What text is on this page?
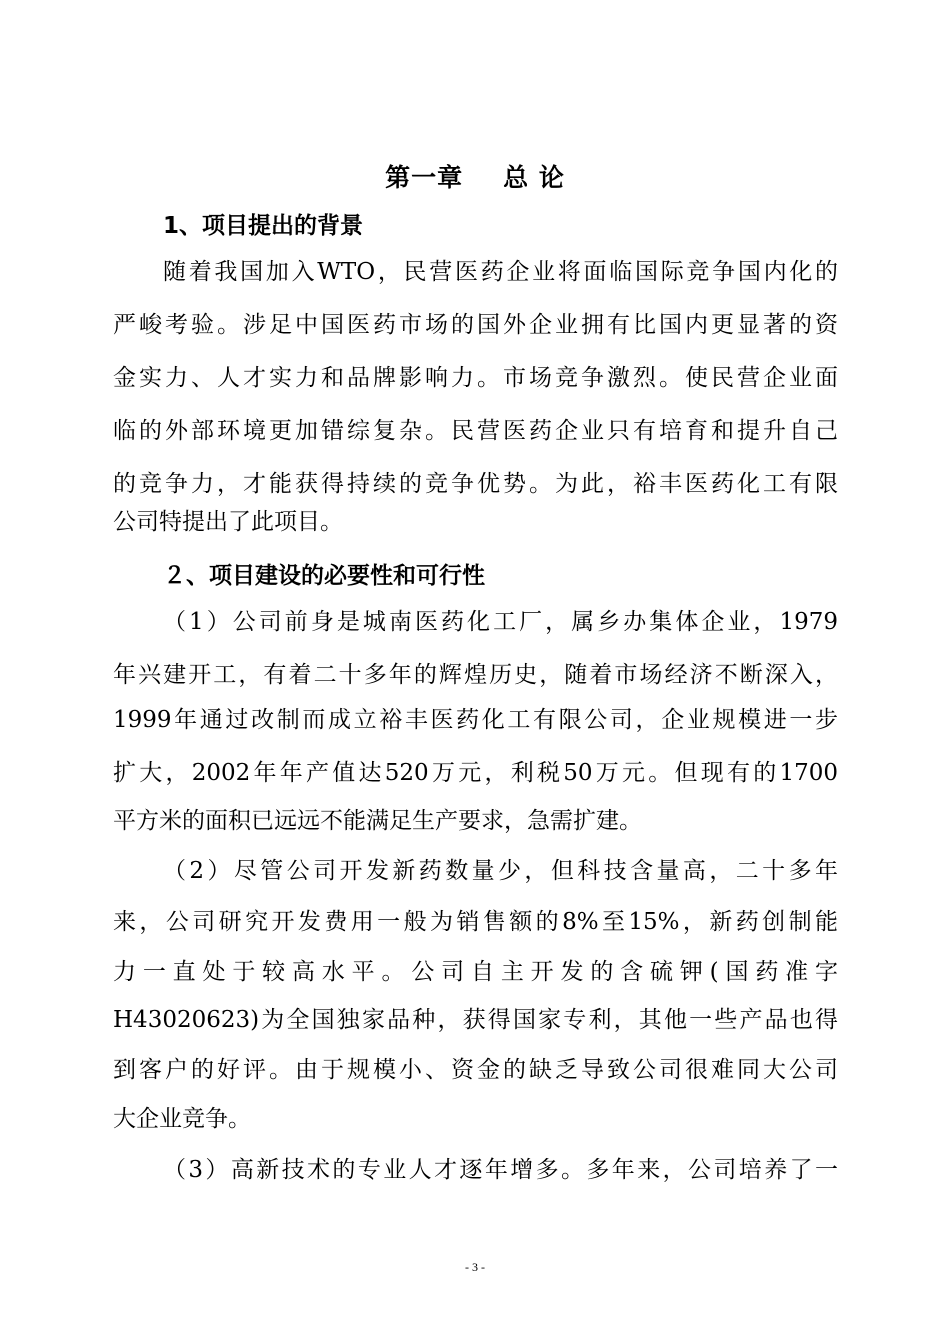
第一章 总 论
1、项目提出的背景
随着我国加入WTO，民营医药企业将面临国际竞争国内化的
严峻考验。涉足中国医药市场的国外企业拥有比国内更显著的资
金实力、人才实力和品牌影响力。市场竞争激烈。使民营企业面
临的外部环境更加错综复杂。民营医药企业只有培育和提升自己
的竞争力，才能获得持续的竞争优势。为此，裕丰医药化工有限
公司特提出了此项目。
２、项目建设的必要性和可行性
（1）公司前身是城南医药化工厂，属乡办集体企业，1979
年兴建开工，有着二十多年的辉煌历史，随着市场经济不断深入，
1999年通过改制而成立裕丰医药化工有限公司，企业规模进一步
扩大，2002年年产值达520万元，利税50万元。但现有的1700
平方米的面积已远远不能满足生产要求，急需扩建。
（2）尽管公司开发新药数量少，但科技含量高，二十多年
来，公司研究开发费用一般为销售额的8%至15%，新药创制能
力一直处于较高水平。公司自主开发的含硫钾(国药准字
H43020623)为全国独家品种，获得国家专利，其他一些产品也得
到客户的好评。由于规模小、资金的缺乏导致公司很难同大公司
大企业竞争。
（3）高新技术的专业人才逐年增多。多年来，公司培养了一
- 3 -
